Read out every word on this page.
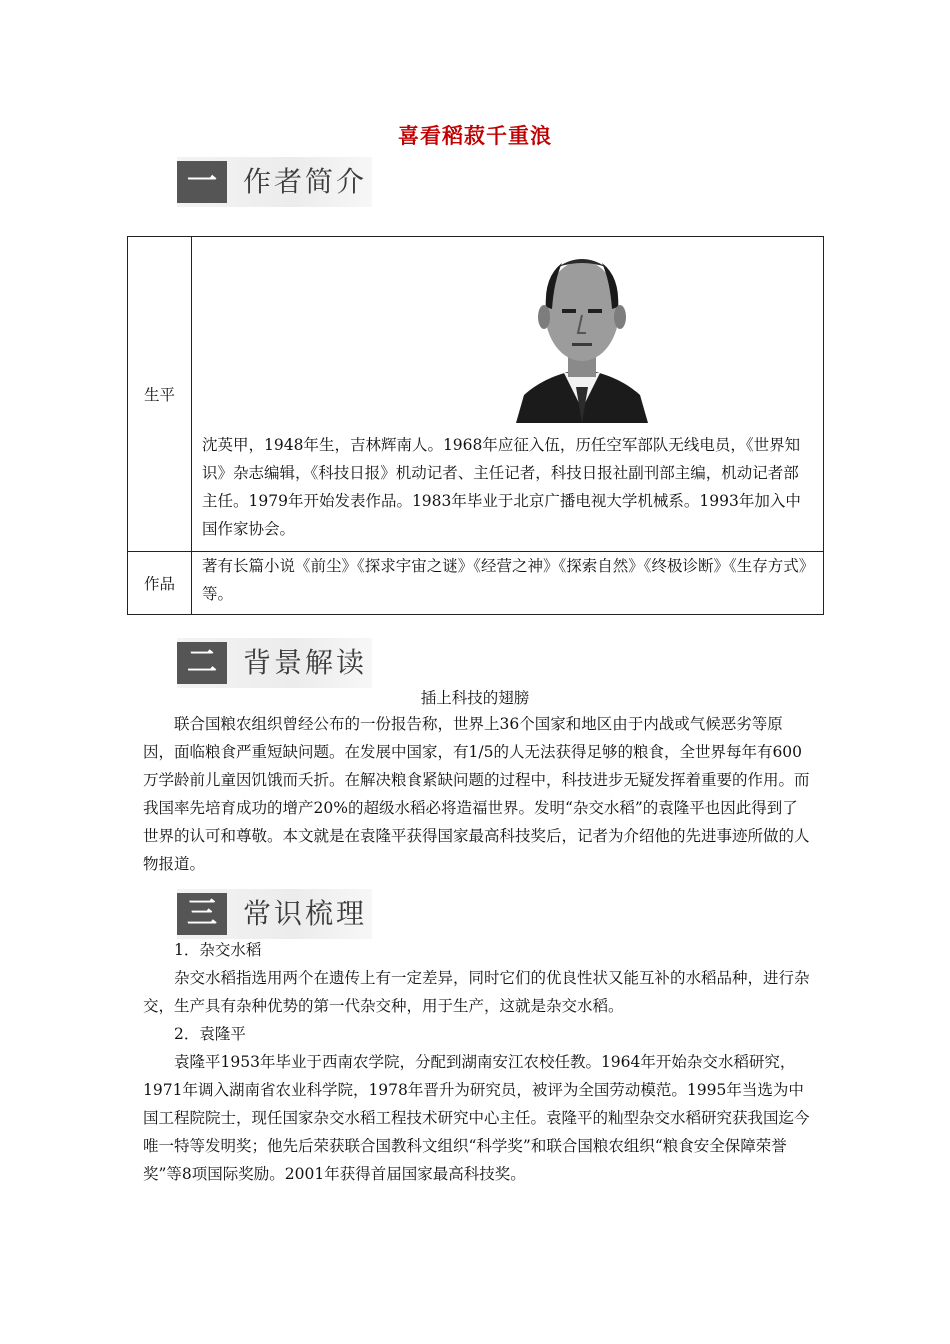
喜看稻菽千重浪
一 作者简介
生平	沈英甲，1948年生，吉林辉南人。1968年应征入伍，历任空军部队无线电员，《世界知识》杂志编辑，《科技日报》机动记者、主任记者，科技日报社副刊部主编，机动记者部主任。1979年开始发表作品。1983年毕业于北京广播电视大学机械系。1993年加入中国作家协会。

作品	著有长篇小说《前尘》《探求宇宙之谜》《经营之神》《探索自然》《终极诊断》《生存方式》等。
二 背景解读
插上科技的翅膀

联合国粮农组织曾经公布的一份报告称，世界上36个国家和地区由于内战或气候恶劣等原因，面临粮食严重短缺问题。在发展中国家，有1/5的人无法获得足够的粮食，全世界每年有600万学龄前儿童因饥饿而夭折。在解决粮食紧缺问题的过程中，科技进步无疑发挥着重要的作用。而我国率先培育成功的增产20%的超级水稻必将造福世界。发明“杂交水稻”的袁隆平也因此得到了世界的认可和尊敬。本文就是在袁隆平获得国家最高科技奖后，记者为介绍他的先进事迹所做的人物报道。

三 常识梳理
1．杂交水稻

杂交水稻指选用两个在遗传上有一定差异，同时它们的优良性状又能互补的水稻品种，进行杂交，生产具有杂种优势的第一代杂交种，用于生产，这就是杂交水稻。

2．袁隆平

袁隆平1953年毕业于西南农学院，分配到湖南安江农校任教。1964年开始杂交水稻研究，1971年调入湖南省农业科学院，1978年晋升为研究员，被评为全国劳动模范。1995年当选为中国工程院院士，现任国家杂交水稻工程技术研究中心主任。袁隆平的籼型杂交水稻研究获我国迄今唯一特等发明奖；他先后荣获联合国教科文组织“科学奖”和联合国粮农组织“粮食安全保障荣誉奖”等8项国际奖励。2001年获得首届国家最高科技奖。
